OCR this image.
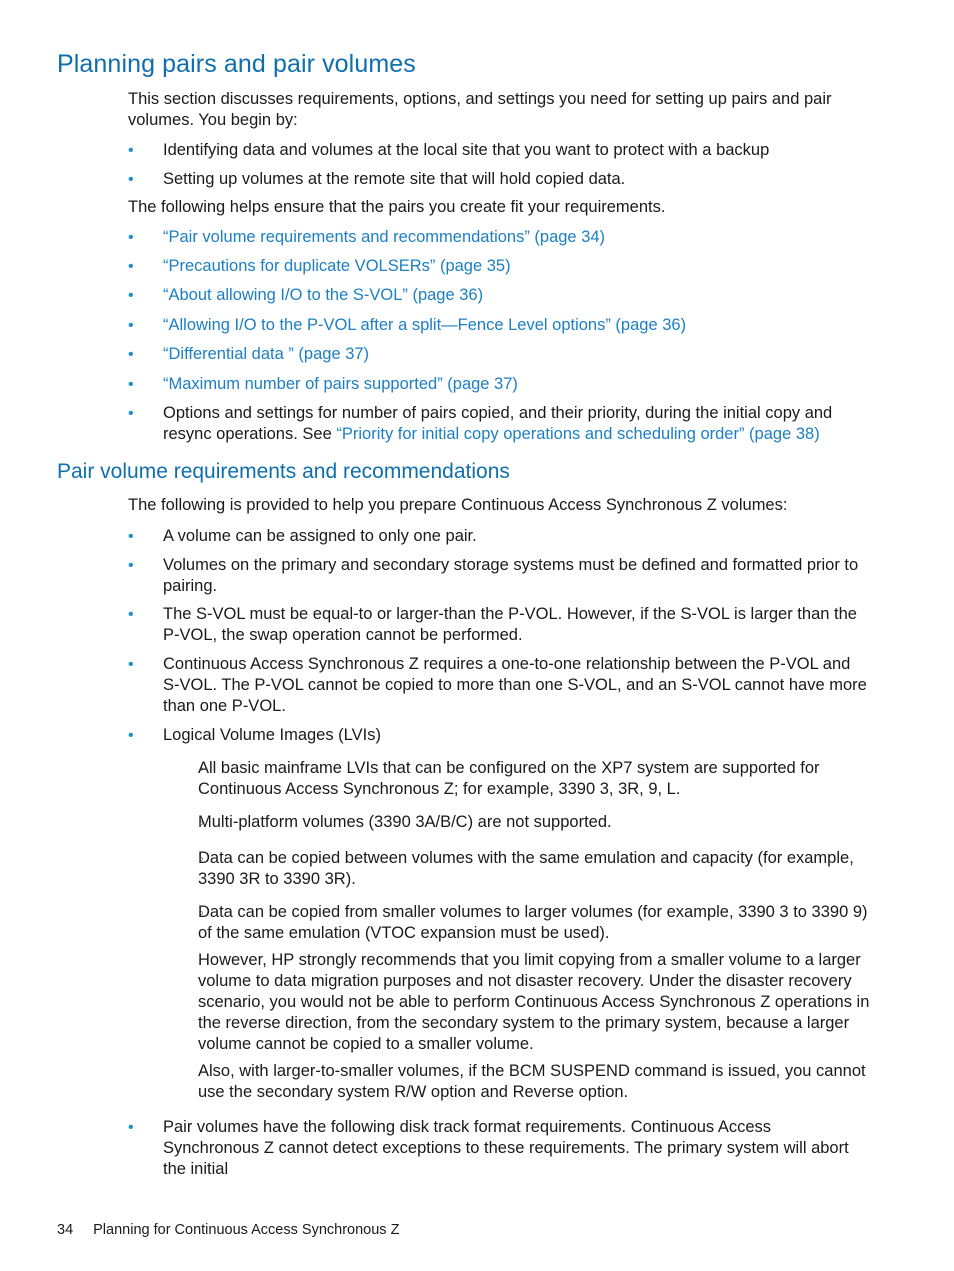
Planning pairs and pair volumes

This section discusses requirements, options, and settings you need for setting up pairs and pair volumes. You begin by:

• Identifying data and volumes at the local site that you want to protect with a backup
• Setting up volumes at the remote site that will hold copied data.

The following helps ensure that the pairs you create fit your requirements.

• “Pair volume requirements and recommendations” (page 34)
• “Precautions for duplicate VOLSERs” (page 35)
• “About allowing I/O to the S-VOL” (page 36)
• “Allowing I/O to the P-VOL after a split—Fence Level options” (page 36)
• “Differential data ” (page 37)
• “Maximum number of pairs supported” (page 37)
• Options and settings for number of pairs copied, and their priority, during the initial copy and resync operations. See “Priority for initial copy operations and scheduling order” (page 38)
Pair volume requirements and recommendations

The following is provided to help you prepare Continuous Access Synchronous Z volumes:

• A volume can be assigned to only one pair.
• Volumes on the primary and secondary storage systems must be defined and formatted prior to pairing.
• The S-VOL must be equal-to or larger-than the P-VOL. However, if the S-VOL is larger than the P-VOL, the swap operation cannot be performed.
• Continuous Access Synchronous Z requires a one-to-one relationship between the P-VOL and S-VOL. The P-VOL cannot be copied to more than one S-VOL, and an S-VOL cannot have more than one P-VOL.
• Logical Volume Images (LVIs)
◦ All basic mainframe LVIs that can be configured on the XP7 system are supported for Continuous Access Synchronous Z; for example, 3390 3, 3R, 9, L.
◦ Multi-platform volumes (3390 3A/B/C) are not supported.
◦ Data can be copied between volumes with the same emulation and capacity (for example, 3390 3R to 3390 3R).
◦ Data can be copied from smaller volumes to larger volumes (for example, 3390 3 to 3390 9) of the same emulation (VTOC expansion must be used).
However, HP strongly recommends that you limit copying from a smaller volume to a larger volume to data migration purposes and not disaster recovery. Under the disaster recovery scenario, you would not be able to perform Continuous Access Synchronous Z operations in the reverse direction, from the secondary system to the primary system, because a larger volume cannot be copied to a smaller volume.
Also, with larger-to-smaller volumes, if the BCM SUSPEND command is issued, you cannot use the secondary system R/W option and Reverse option.
• Pair volumes have the following disk track format requirements. Continuous Access Synchronous Z cannot detect exceptions to these requirements. The primary system will abort the initial
34 Planning for Continuous Access Synchronous Z
